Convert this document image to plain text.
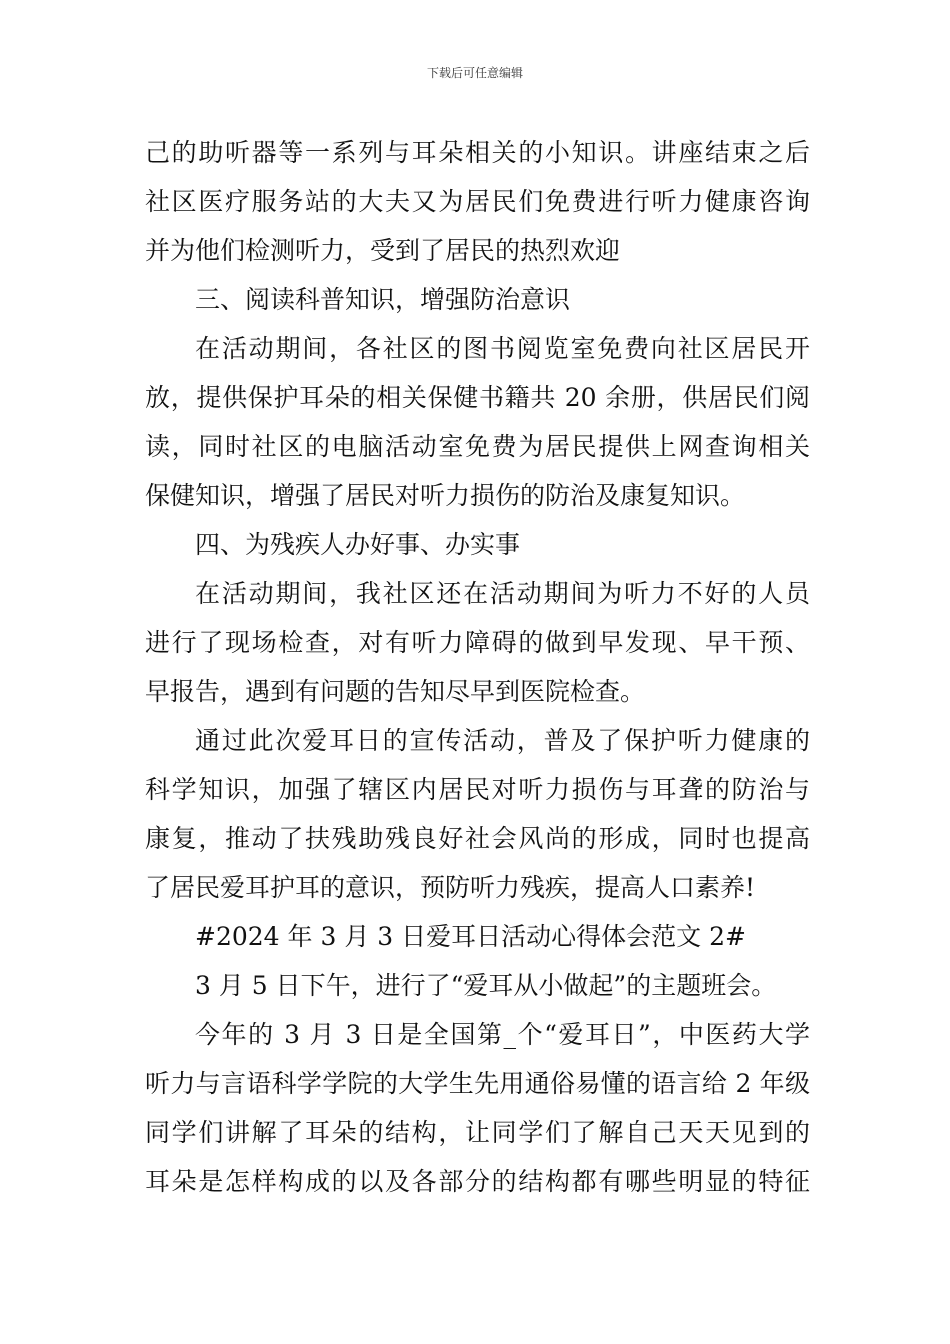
下载后可任意编辑
己的助听器等一系列与耳朵相关的小知识。讲座结束之后
社区医疗服务站的大夫又为居民们免费进行听力健康咨询
并为他们检测听力，受到了居民的热烈欢迎
三、阅读科普知识，增强防治意识
在活动期间，各社区的图书阅览室免费向社区居民开
放，提供保护耳朵的相关保健书籍共 20 余册，供居民们阅
读，同时社区的电脑活动室免费为居民提供上网查询相关
保健知识，增强了居民对听力损伤的防治及康复知识。
四、为残疾人办好事、办实事
在活动期间，我社区还在活动期间为听力不好的人员
进行了现场检查，对有听力障碍的做到早发现、早干预、
早报告，遇到有问题的告知尽早到医院检查。
通过此次爱耳日的宣传活动，普及了保护听力健康的
科学知识，加强了辖区内居民对听力损伤与耳聋的防治与
康复，推动了扶残助残良好社会风尚的形成，同时也提高
了居民爱耳护耳的意识，预防听力残疾，提高人口素养!
#2024 年 3 月 3 日爱耳日活动心得体会范文 2#
3 月 5 日下午，进行了“爱耳从小做起”的主题班会。
今年的 3 月 3 日是全国第_个“爱耳日”，中医药大学
听力与言语科学学院的大学生先用通俗易懂的语言给 2 年级
同学们讲解了耳朵的结构，让同学们了解自己天天见到的
耳朵是怎样构成的以及各部分的结构都有哪些明显的特征
